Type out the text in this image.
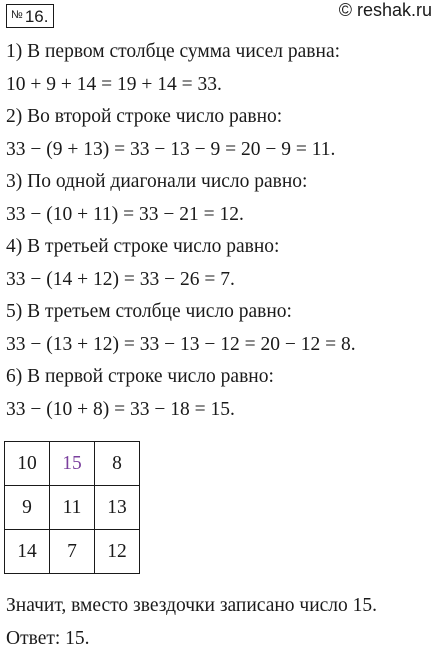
№ 16.	© reshak.ru
1) В первом столбце сумма чисел равна:
10 + 9 + 14 = 19 + 14 = 33.
2) Во второй строке число равно:
33 − (9 + 13) = 33 − 13 − 9 = 20 − 9 = 11.
3) По одной диагонали число равно:
33 − (10 + 11) = 33 − 21 = 12.
4) В третьей строке число равно:
33 − (14 + 12) = 33 − 26 = 7.
5) В третьем столбце число равно:
33 − (13 + 12) = 33 − 13 − 12 = 20 − 12 = 8.
6) В первой строке число равно:
33 − (10 + 8) = 33 − 18 = 15.
10	15	8
9	11	13
14	7	12
Значит, вместо звездочки записано число 15.
Ответ: 15.
